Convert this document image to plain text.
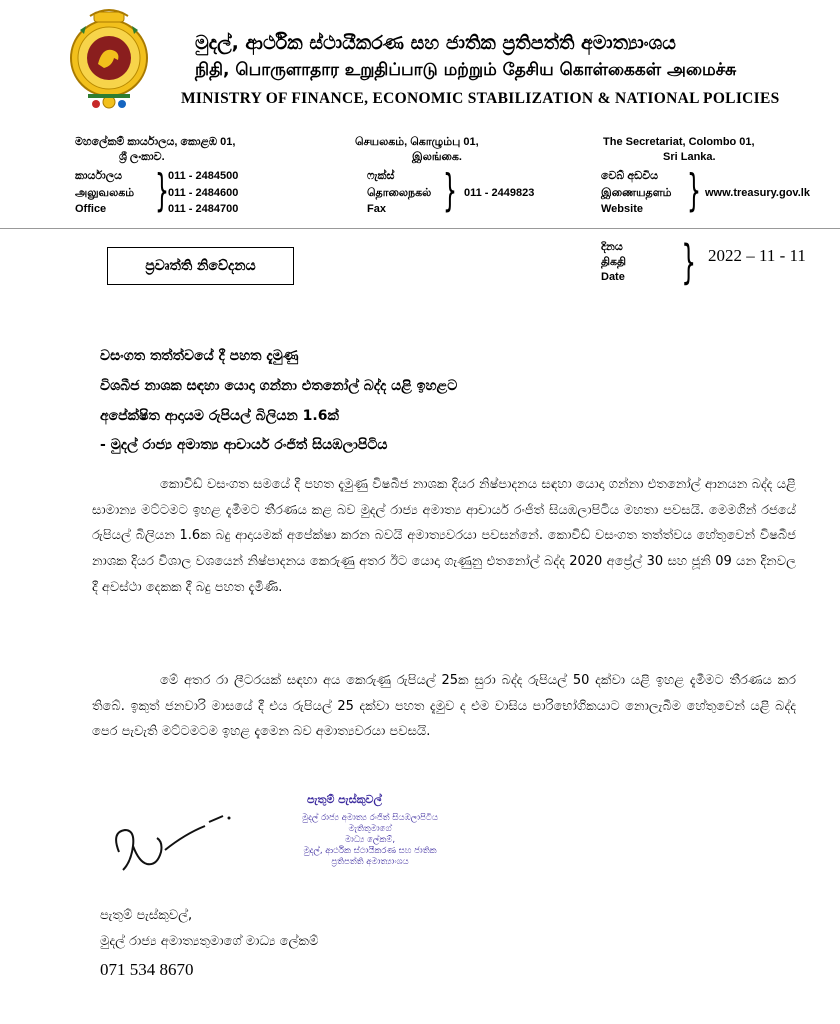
මුදල්, ආර්ථික ස්ථායීකරණ සහ ජාතික ප්‍රතිපත්ති අමාත්‍යාංශය
நிதி, பொருளாதார உறுதிப்பாடு மற்றும் தேசிய கொள்கைகள் அமைச்சு
MINISTRY OF FINANCE, ECONOMIC STABILIZATION & NATIONAL POLICIES
මහලේකම් කාර්යාලය, කොළඹ 01,
ශ්‍රී ලංකාව.
செயலகம், கொழும்பு 01,
இலங்கை.
The Secretariat, Colombo 01,
Sri Lanka.
කාර්යාලය
அலுவலகம்
Office	} 011 - 2484500
011 - 2484600
011 - 2484700
ෆැක්ස්
தொலைநகல்
Fax	} 011 - 2449823
වෙබ් අඩවිය
இணையதளம்
Website	} www.treasury.gov.lk
ප්‍රවෘත්ති නිවේදනය
දිනය
திகதி
Date } 2022 – 11 - 11
වසංගත තත්ත්වයේ දී පහත දැමුණු
විශබීජ නාශක සඳහා යොදා ගන්නා එතනෝල් බද්ද යළි ඉහළට
අපේක්ෂිත ආදායම රුපියල් බිලියන 1.6ක්
- මුදල් රාජ්‍ය අමාත්‍ය ආචාර්ය රංජිත් සියඹලාපිටිය
කොවිඩ් වසංගත සමයේ දී පහත දැමුණු විෂබීජ නාශක දියර නිෂ්පාදනය සඳහා යොදා ගන්නා එතනෝල් ආනයන බද්ද යළි සාමාන්‍ය මට්ටමට ඉහළ දැමීමට තීරණය කළ බව මුදල් රාජ්‍ය අමාත්‍ය ආචාර්ය රංජිත් සියඹලාපිටිය මහතා පවසයි. මෙමගින් රජයේ රුපියල් බිලියන 1.6ක බදු ආදායමක් අපේක්ෂා කරන බවයි අමාත්‍යවරයා පවසන්නේ. කොවිඩ් වසංගත තත්ත්වය හේතුවෙන් විෂබීජ නාශක දියර විශාල වශයෙන් නිෂ්පාදනය කෙරුණු අතර ඊට යොදා ගැණුනු එතනෝල් බද්ද 2020 අප්‍රේල් 30 සහ ජූනි 09 යන දිනවල දී අවස්ථා දෙකක දී බදු පහත දැමිණි.
මේ අතර රා ලීටරයක් සඳහා අය කෙරුණු රුපියල් 25ක සුරා බද්ද රුපියල් 50 දක්වා යළි ඉහළ දැමීමට තීරණය කර තිබේ. ඉකුත් ජනවාරි මාසයේ දී එය රුපියල් 25 දක්වා පහත දැමුව ද එම වාසිය පාරිභෝගිකයාට නොලැබීම හේතුවෙන් යළි බද්ද පෙර පැවැති මට්ටමටම ඉහළ දැමෙන බව අමාත්‍යවරයා පවසයි.
පැතුම් පැස්කුවල්
මුදල් රාජ්‍ය අමාත්‍ය රංජිත් සියඹලාපිටිය
මැතිතුමාගේ
මාධ්‍ය ලේකම්,
මුදල්, ආර්ථික ස්ථායීකරණ සහ ජාතික
ප්‍රතිපත්ති අමාත්‍යාංශය
පැතුම් පැස්කුවල්,
මුදල් රාජ්‍ය අමාත්‍යතුමාගේ මාධ්‍ය ලේකම්
071 534 8670
